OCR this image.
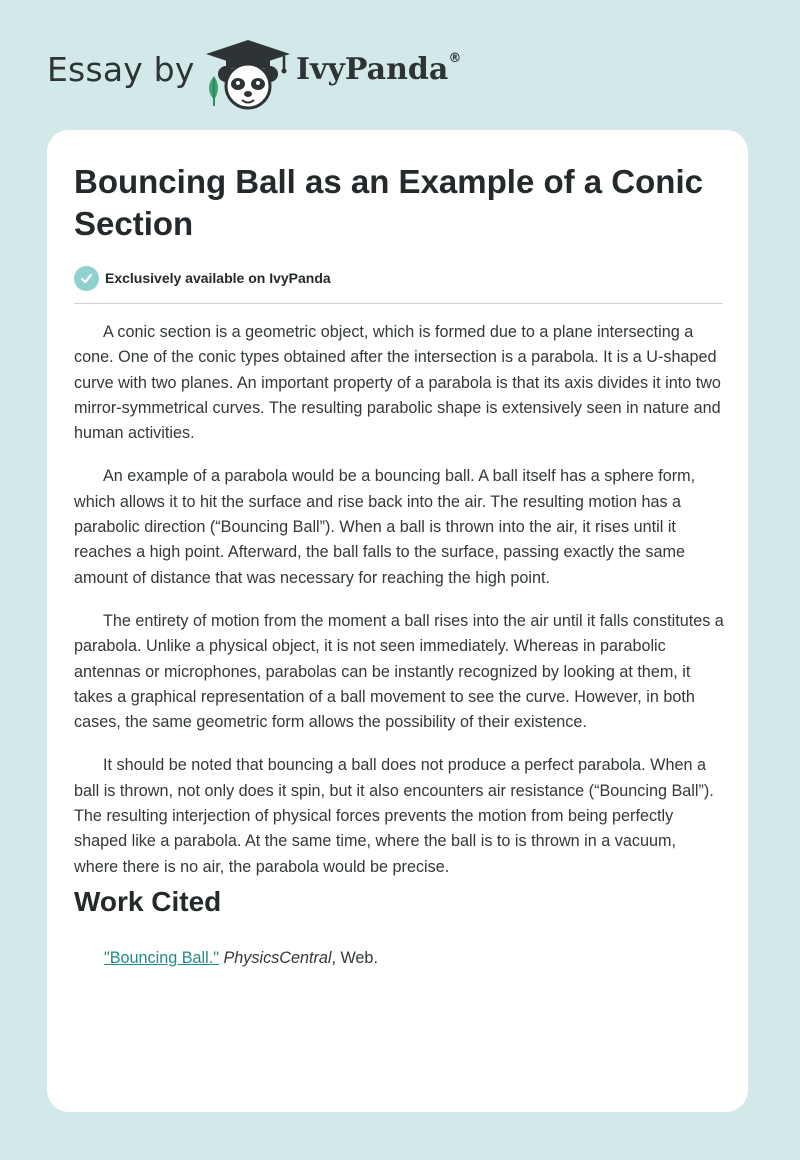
Essay by	IvyPanda®
Bouncing Ball as an Example of a Conic Section
Exclusively available on IvyPanda

A conic section is a geometric object, which is formed due to a plane intersecting a cone. One of the conic types obtained after the intersection is a parabola. It is a U-shaped curve with two planes. An important property of a parabola is that its axis divides it into two mirror-symmetrical curves. The resulting parabolic shape is extensively seen in nature and human activities.

An example of a parabola would be a bouncing ball. A ball itself has a sphere form, which allows it to hit the surface and rise back into the air. The resulting motion has a parabolic direction (“Bouncing Ball”). When a ball is thrown into the air, it rises until it reaches a high point. Afterward, the ball falls to the surface, passing exactly the same amount of distance that was necessary for reaching the high point.

The entirety of motion from the moment a ball rises into the air until it falls constitutes a parabola. Unlike a physical object, it is not seen immediately. Whereas in parabolic antennas or microphones, parabolas can be instantly recognized by looking at them, it takes a graphical representation of a ball movement to see the curve. However, in both cases, the same geometric form allows the possibility of their existence.

It should be noted that bouncing a ball does not produce a perfect parabola. When a ball is thrown, not only does it spin, but it also encounters air resistance (“Bouncing Ball”). The resulting interjection of physical forces prevents the motion from being perfectly shaped like a parabola. At the same time, where the ball is to is thrown in a vacuum, where there is no air, the parabola would be precise.

Work Cited
"Bouncing Ball." PhysicsCentral, Web.
